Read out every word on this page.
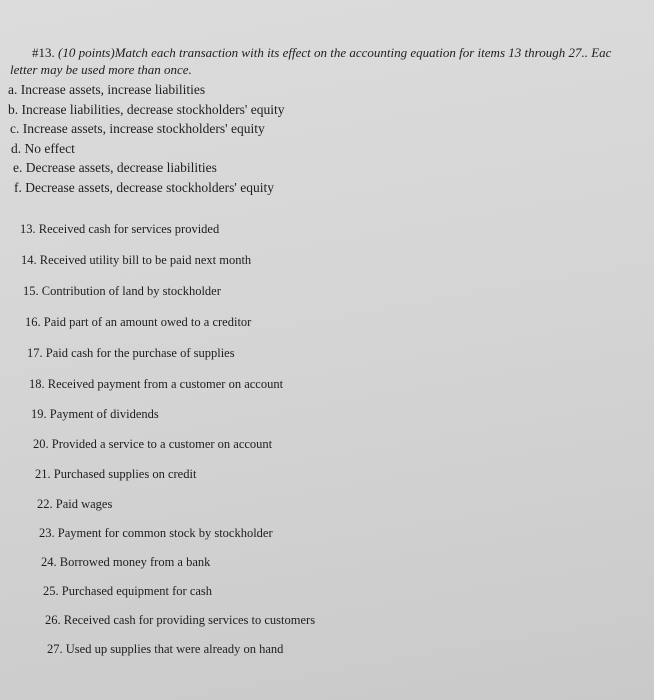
#13. (10 points)Match each transaction with its effect on the accounting equation for items 13 through 27.. Eac
letter may be used more than once.
a. Increase assets, increase liabilities
b. Increase liabilities, decrease stockholders' equity
c. Increase assets, increase stockholders' equity
d. No effect
e. Decrease assets, decrease liabilities
f. Decrease assets, decrease stockholders' equity
13. Received cash for services provided
14. Received utility bill to be paid next month
15. Contribution of land by stockholder
16. Paid part of an amount owed to a creditor
17. Paid cash for the purchase of supplies
18. Received payment from a customer on account
19. Payment of dividends
20. Provided a service to a customer on account
21. Purchased supplies on credit
22. Paid wages
23. Payment for common stock by stockholder
24. Borrowed money from a bank
25. Purchased equipment for cash
26. Received cash for providing services to customers
27. Used up supplies that were already on hand
